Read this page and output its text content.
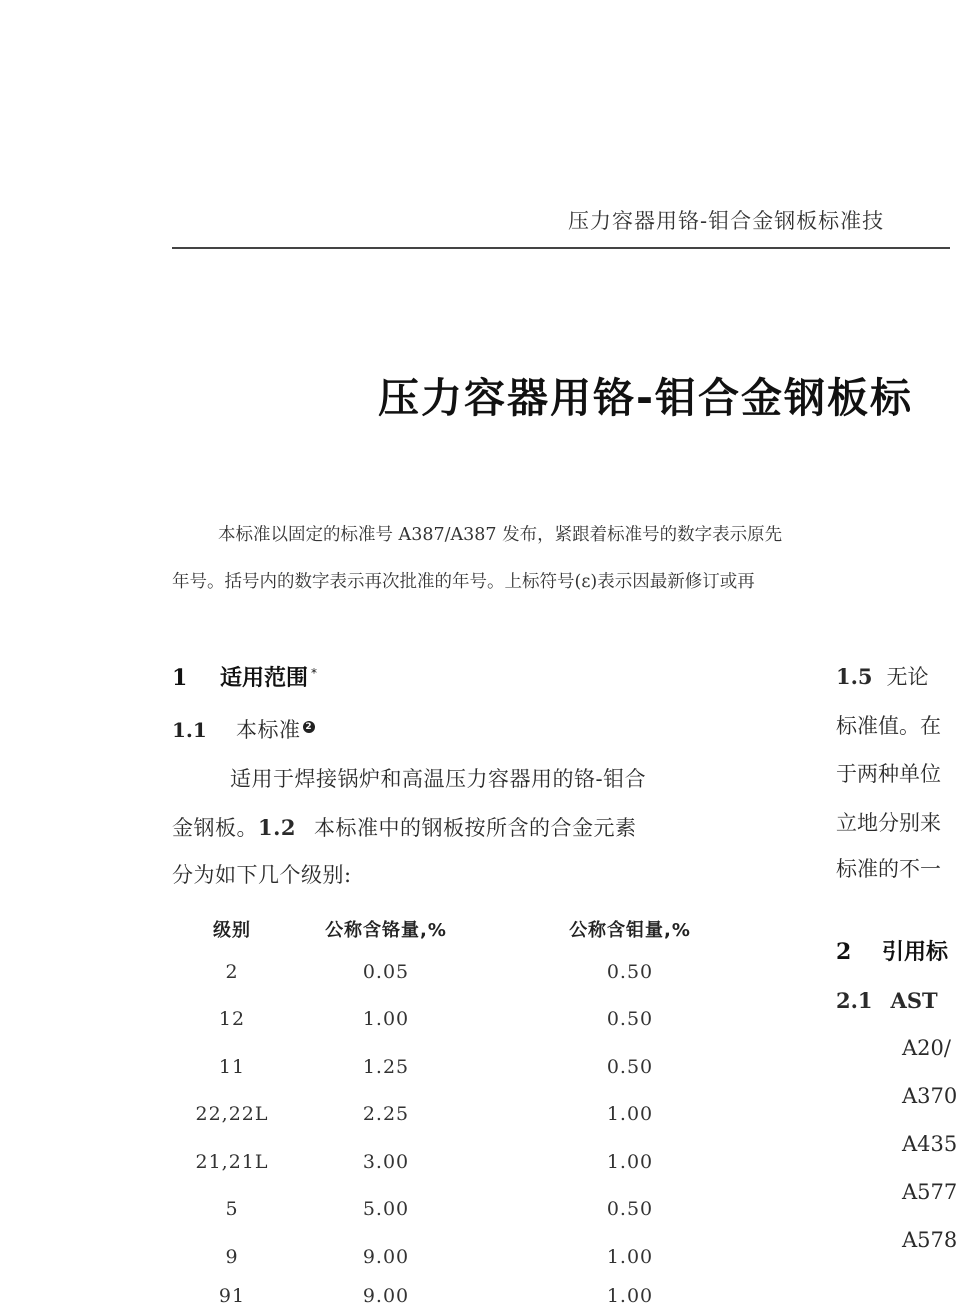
压力容器用铬-钼合金钢板标准技
压力容器用铬-钼合金钢板标
本标准以固定的标准号 A387/A387 发布，紧跟着标准号的数字表示原先
年号。括号内的数字表示再次批准的年号。上标符号(ε)表示因最新修订或再
1 适用范围 *
1.1 本标准 2
适用于焊接锅炉和高温压力容器用的铬-钼合
金钢板。1.2 本标准中的钢板按所含的合金元素
分为如下几个级别:
级别	公称含铬量,%	公称含钼量,%
2	0.05	0.50
12	1.00	0.50
11	1.25	0.50
22,22L	2.25	1.00
21,21L	3.00	1.00
5	5.00	0.50
9	9.00	1.00
91	9.00	1.00
1.5 无论
标准值。在
于两种单位
立地分别来
标准的不一
2 引用标
2.1 AST
A20/
A370
A435
A577
A578
